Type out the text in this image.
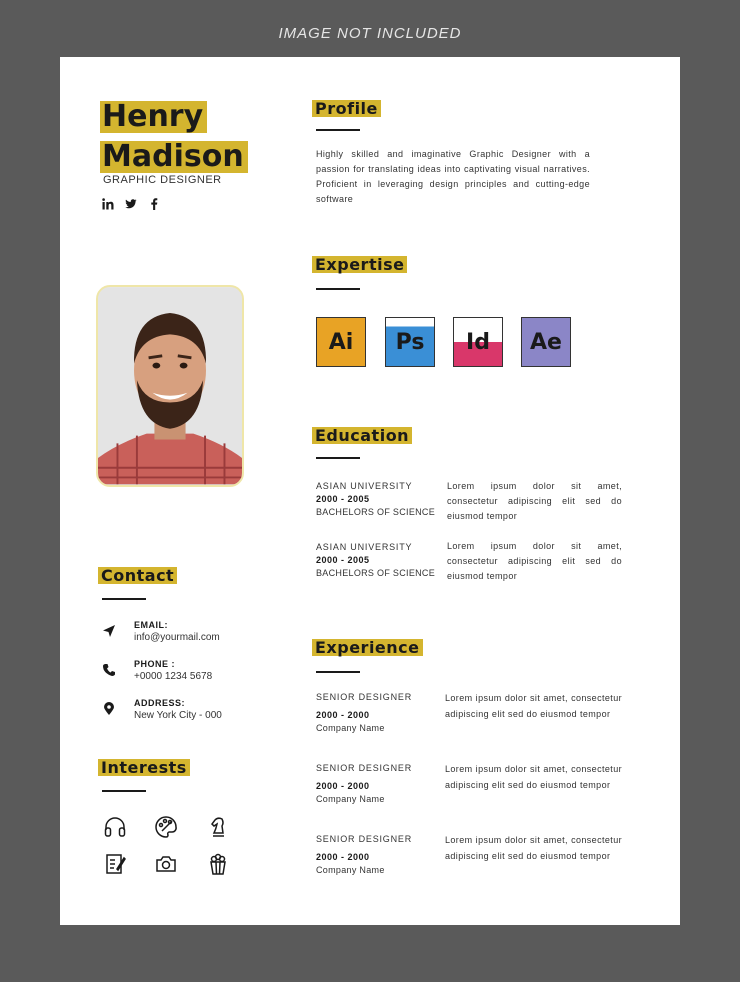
IMAGE NOT INCLUDED
Henry
Madison
GRAPHIC DESIGNER
Profile
Highly skilled and imaginative Graphic Designer with a passion for translating ideas into captivating visual narratives. Proficient in leveraging design principles and cutting-edge software
Expertise
Ai Ps Id Ae
Education
ASIAN UNIVERSITY
2000 - 2005
BACHELORS OF SCIENCE
Lorem ipsum dolor sit amet, consectetur adipiscing elit sed do eiusmod tempor
ASIAN UNIVERSITY
2000 - 2005
BACHELORS OF SCIENCE
Lorem ipsum dolor sit amet, consectetur adipiscing elit sed do eiusmod tempor
Experience
SENIOR DESIGNER
2000 - 2000
Company Name
Lorem ipsum dolor sit amet, consectetur adipiscing elit sed do eiusmod tempor
SENIOR DESIGNER
2000 - 2000
Company Name
Lorem ipsum dolor sit amet, consectetur adipiscing elit sed do eiusmod tempor
SENIOR DESIGNER
2000 - 2000
Company Name
Lorem ipsum dolor sit amet, consectetur adipiscing elit sed do eiusmod tempor
Contact
EMAIL:
info@yourmail.com
PHONE :
+0000 1234 5678
ADDRESS:
New York City - 000
Interests
